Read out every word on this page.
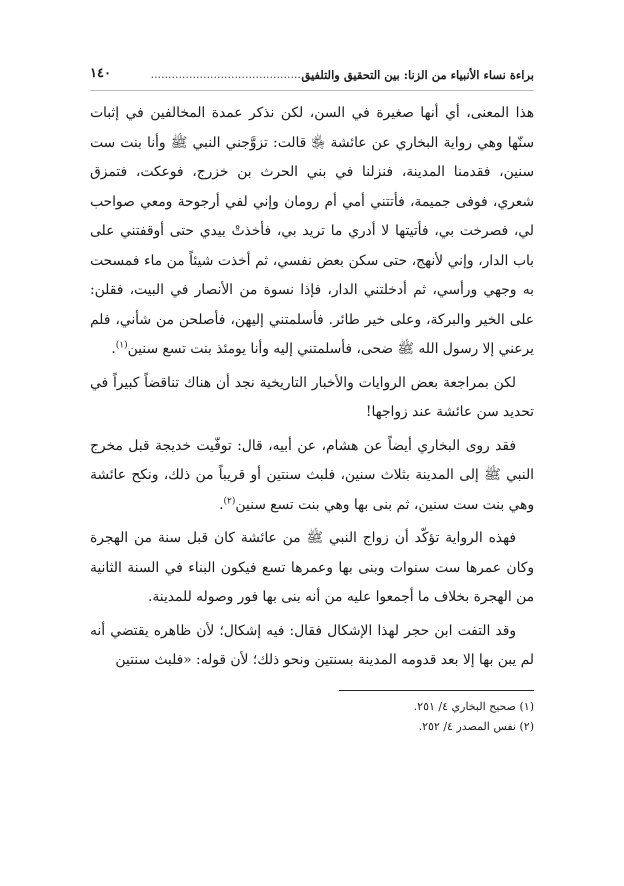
براءة نساء الأنبياء من الزنا: بين التحقيق والتلفيق
................................................
١٤٠

هذا المعنى، أي أنها صغيرة في السن، لكن نذكر عمدة المخالفين في إثبات سنّها وهي رواية البخاري عن عائشة ﵂ قالت: تزوَّجني النبي ﷺ وأنا بنت ست سنين، فقدمنا المدينة، فنزلنا في بني الحرث بن خزرج، فوعكت، فتمزق شعري، فوفى جميمة، فأتتني أمي أم رومان وإني لفي أرجوحة ومعي صواحب لي، فصرخت بي، فأتيتها لا أدري ما تريد بي، فأخذتْ بيدي حتى أوقفتني على باب الدار، وإني لأنهج، حتى سكن بعض نفسي، ثم أخذت شيئاً من ماء فمسحت به وجهي ورأسي، ثم أدخلتني الدار، فإذا نسوة من الأنصار في البيت، فقلن: على الخير والبركة، وعلى خير طائر. فأسلمتني إليهن، فأصلحن من شأني، فلم يرعني إلا رسول الله ﷺ ضحى، فأسلمتني إليه وأنا يومئذ بنت تسع سنين$^{(١)}$.

لكن بمراجعة بعض الروايات والأخبار التاريخية نجد أن هناك تناقضاً كبيراً في تحديد سن عائشة عند زواجها!

فقد روى البخاري أيضاً عن هشام، عن أبيه، قال: توفّيت خديجة قبل مخرج النبي ﷺ إلى المدينة بثلاث سنين، فلبث سنتين أو قريباً من ذلك، ونكح عائشة وهي بنت ست سنين، ثم بنى بها وهي بنت تسع سنين$^{(٢)}$.

فهذه الرواية تؤكّد أن زواج النبي ﷺ من عائشة كان قبل سنة من الهجرة وكان عمرها ست سنوات وبنى بها وعمرها تسع فيكون البناء في السنة الثانية من الهجرة بخلاف ما أجمعوا عليه من أنه بنى بها فور وصوله للمدينة.

وقد التفت ابن حجر لهذا الإشكال فقال: فيه إشكال؛ لأن ظاهره يقتضي أنه لم يبن بها إلا بعد قدومه المدينة بسنتين ونحو ذلك؛ لأن قوله: «فلبث سنتين

(١) صحيح البخاري ٤/ ٢٥١.
(٢) نفس المصدر ٤/ ٢٥٢.
